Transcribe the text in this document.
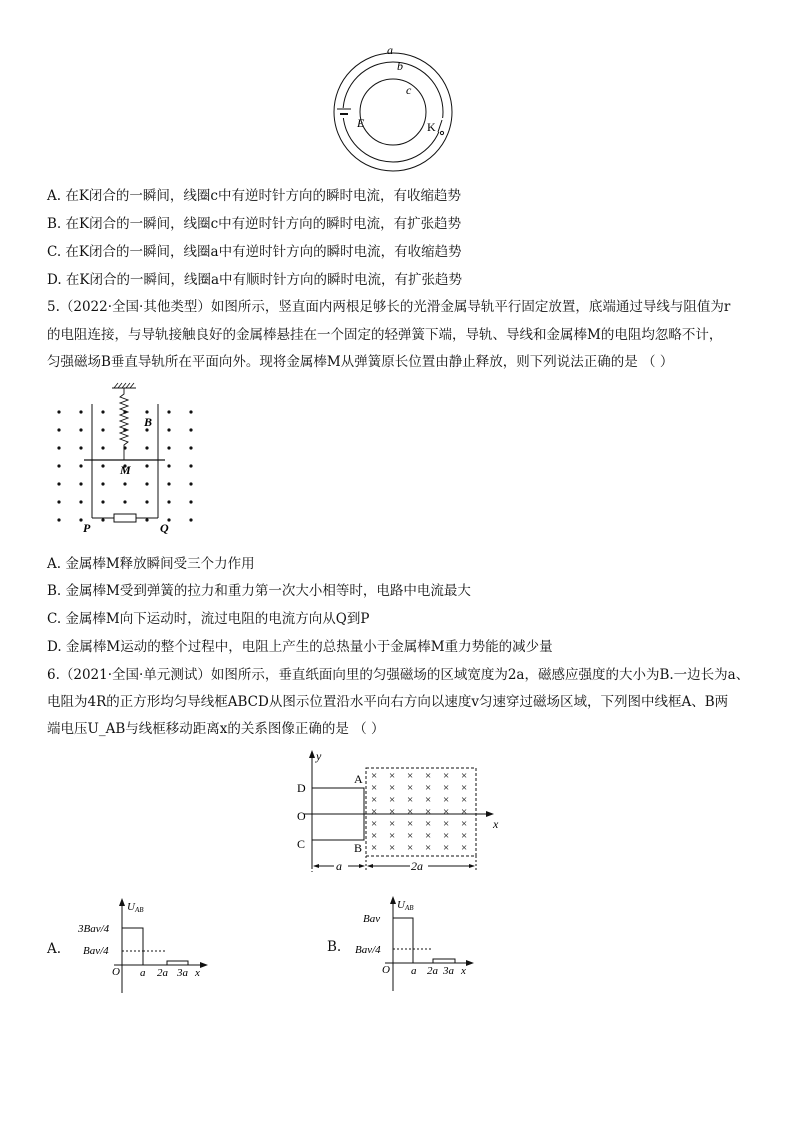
a
b
c
E	K
A. 在K闭合的一瞬间，线圈c中有逆时针方向的瞬时电流，有收缩趋势
B. 在K闭合的一瞬间，线圈c中有逆时针方向的瞬时电流，有扩张趋势
C. 在K闭合的一瞬间，线圈a中有逆时针方向的瞬时电流，有收缩趋势
D. 在K闭合的一瞬间，线圈a中有顺时针方向的瞬时电流，有扩张趋势
5.（2022·全国·其他类型）如图所示，竖直面内两根足够长的光滑金属导轨平行固定放置，底端通过导线与阻值为r
的电阻连接，与导轨接触良好的金属棒悬挂在一个固定的轻弹簧下端，导轨、导线和金属棒M的电阻均忽略不计，
匀强磁场B垂直导轨所在平面向外。现将金属棒M从弹簧原长位置由静止释放，则下列说法正确的是 （ ）
B
M
P	Q
A. 金属棒M释放瞬间受三个力作用
B. 金属棒M受到弹簧的拉力和重力第一次大小相等时，电路中电流最大
C. 金属棒M向下运动时，流过电阻的电流方向从Q到P
D. 金属棒M运动的整个过程中，电阻上产生的总热量小于金属棒M重力势能的减少量
6.（2021·全国·单元测试）如图所示，垂直纸面向里的匀强磁场的区域宽度为2a，磁感应强度的大小为B.一边长为a、
电阻为4R的正方形均匀导线框ABCD从图示位置沿水平向右方向以速度v匀速穿过磁场区域，下列图中线框A、B两
端电压U_AB与线框移动距离x的关系图像正确的是 （ ）
× × × × × ×
× × × × × ×
× × × × × ×
× × × × × ×
× × × × × ×
× × × × × ×
× × × × × ×
y
x
D
O
C
A
B
a	2a
A.
UAB
3Bav/4
Bav/4
O a 2a 3a x
B.
UAB
Bav
Bav/4
O a 2a 3a x
